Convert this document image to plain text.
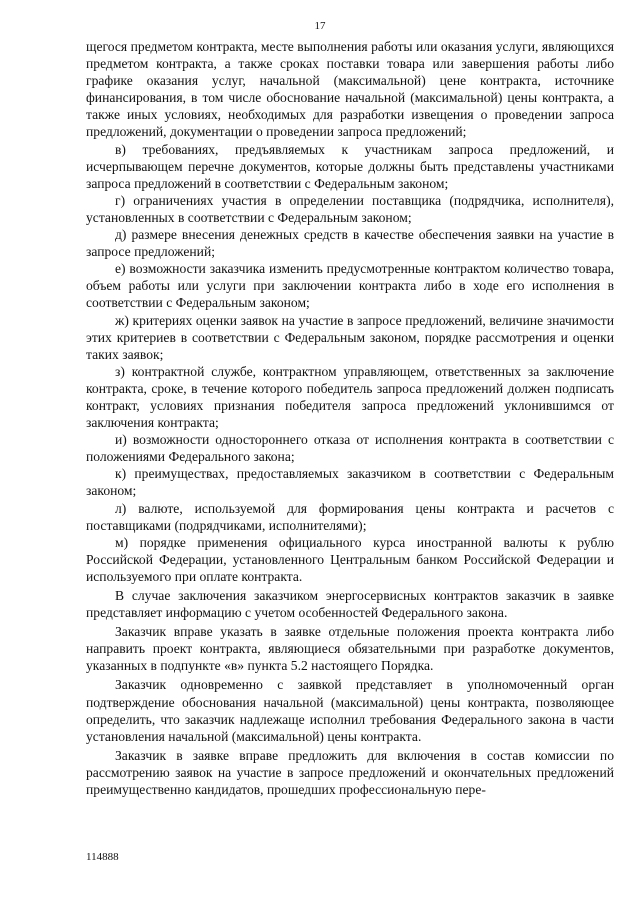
17

щегося предметом контракта, месте выполнения работы или оказания услуги, являющихся предметом контракта, а также сроках поставки товара или завершения работы либо графике оказания услуг, начальной (максимальной) цене контракта, источнике финансирования, в том числе обоснование начальной (максимальной) цены контракта, а также иных условиях, необходимых для разработки извещения о проведении запроса предложений, документации о проведении запроса предложений;

в) требованиях, предъявляемых к участникам запроса предложений, и исчерпывающем перечне документов, которые должны быть представлены участниками запроса предложений в соответствии с Федеральным законом;

г) ограничениях участия в определении поставщика (подрядчика, исполнителя), установленных в соответствии с Федеральным законом;

д) размере внесения денежных средств в качестве обеспечения заявки на участие в запросе предложений;

е) возможности заказчика изменить предусмотренные контрактом количество товара, объем работы или услуги при заключении контракта либо в ходе его исполнения в соответствии с Федеральным законом;

ж) критериях оценки заявок на участие в запросе предложений, величине значимости этих критериев в соответствии с Федеральным законом, порядке рассмотрения и оценки таких заявок;

з) контрактной службе, контрактном управляющем, ответственных за заключение контракта, сроке, в течение которого победитель запроса предложений должен подписать контракт, условиях признания победителя запроса предложений уклонившимся от заключения контракта;

и) возможности одностороннего отказа от исполнения контракта в соответствии с положениями Федерального закона;

к) преимуществах, предоставляемых заказчиком в соответствии с Федеральным законом;

л) валюте, используемой для формирования цены контракта и расчетов с поставщиками (подрядчиками, исполнителями);

м) порядке применения официального курса иностранной валюты к рублю Российской Федерации, установленного Центральным банком Российской Федерации и используемого при оплате контракта.

В случае заключения заказчиком энергосервисных контрактов заказчик в заявке представляет информацию с учетом особенностей Федерального закона.

Заказчик вправе указать в заявке отдельные положения проекта контракта либо направить проект контракта, являющиеся обязательными при разработке документов, указанных в подпункте «в» пункта 5.2 настоящего Порядка.

Заказчик одновременно с заявкой представляет в уполномоченный орган подтверждение обоснования начальной (максимальной) цены контракта, позволяющее определить, что заказчик надлежаще исполнил требования Федерального закона в части установления начальной (максимальной) цены контракта.

Заказчик в заявке вправе предложить для включения в состав комиссии по рассмотрению заявок на участие в запросе предложений и окончательных предложений преимущественно кандидатов, прошедших профессиональную пере-

114888
